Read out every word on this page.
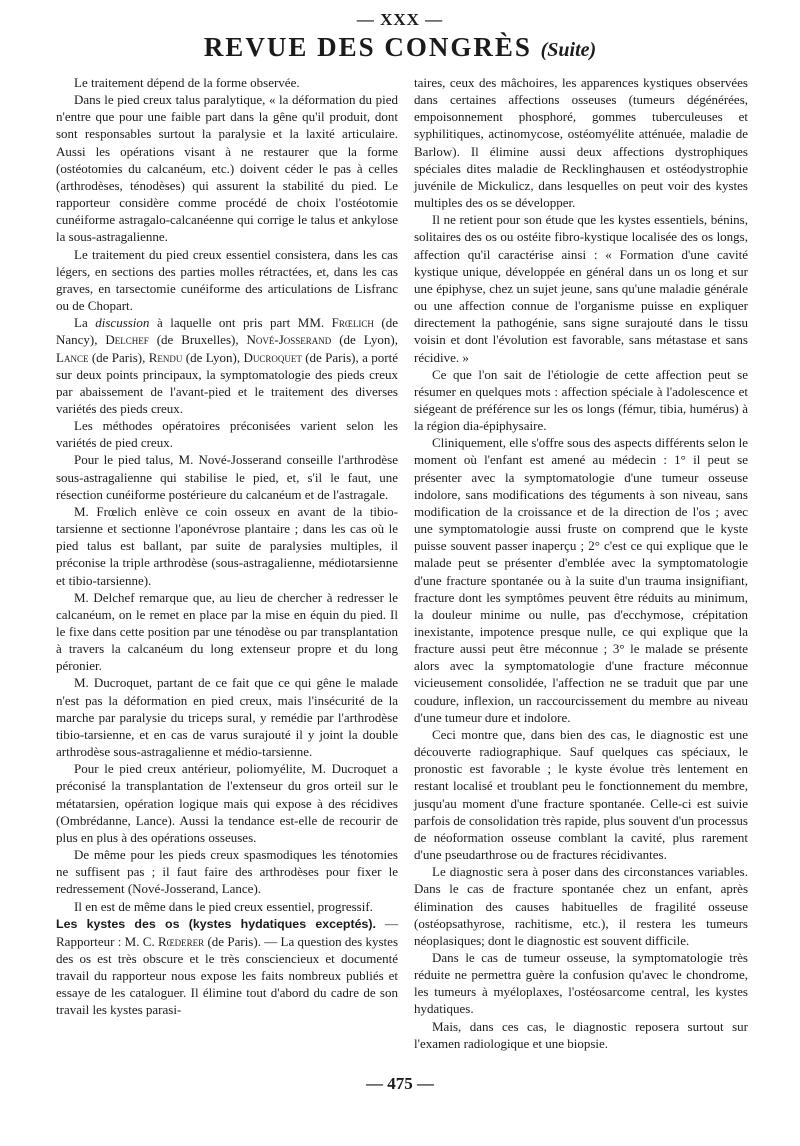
— XXX —
REVUE DES CONGRÈS (Suite)

Le traitement dépend de la forme observée.

Dans le pied creux talus paralytique, « la déformation du pied n'entre que pour une faible part dans la gêne qu'il produit, dont sont responsables surtout la paralysie et la laxité articulaire. Aussi les opérations visant à ne restaurer que la forme (ostéotomies du calcanéum, etc.) doivent céder le pas à celles (arthrodèses, ténodèses) qui assurent la stabilité du pied. Le rapporteur considère comme procédé de choix l'ostéotomie cunéiforme astragalo-calcanéenne qui corrige le talus et ankylose la sous-astragalienne.

Le traitement du pied creux essentiel consistera, dans les cas légers, en sections des parties molles rétractées, et, dans les cas graves, en tarsectomie cunéiforme des articulations de Lisfranc ou de Chopart.

La discussion à laquelle ont pris part MM. Frœlich (de Nancy), Delchef (de Bruxelles), Nové-Josserand (de Lyon), Lance (de Paris), Rendu (de Lyon), Ducroquet (de Paris), a porté sur deux points principaux, la symptomatologie des pieds creux par abaissement de l'avant-pied et le traitement des diverses variétés des pieds creux.

Les méthodes opératoires préconisées varient selon les variétés de pied creux.

Pour le pied talus, M. Nové-Josserand conseille l'arthrodèse sous-astragalienne qui stabilise le pied, et, s'il le faut, une résection cunéiforme postérieure du calcanéum et de l'astragale.

M. Frœlich enlève ce coin osseux en avant de la tibio-tarsienne et sectionne l'aponévrose plantaire ; dans les cas où le pied talus est ballant, par suite de paralysies multiples, il préconise la triple arthrodèse (sous-astragalienne, médiotarsienne et tibio-tarsienne).

M. Delchef remarque que, au lieu de chercher à redresser le calcanéum, on le remet en place par la mise en équin du pied. Il le fixe dans cette position par une ténodèse ou par transplantation à travers la calcanéum du long extenseur propre et du long péronier.

M. Ducroquet, partant de ce fait que ce qui gêne le malade n'est pas la déformation en pied creux, mais l'insécurité de la marche par paralysie du triceps sural, y remédie par l'arthrodèse tibio-tarsienne, et en cas de varus surajouté il y joint la double arthrodèse sous-astragalienne et médio-tarsienne.

Pour le pied creux antérieur, poliomyélite, M. Ducroquet a préconisé la transplantation de l'extenseur du gros orteil sur le métatarsien, opération logique mais qui expose à des récidives (Ombrédanne, Lance). Aussi la tendance est-elle de recourir de plus en plus à des opérations osseuses.

De même pour les pieds creux spasmodiques les ténotomies ne suffisent pas ; il faut faire des arthrodèses pour fixer le redressement (Nové-Josserand, Lance).

Il en est de même dans le pied creux essentiel, progressif.

Les kystes des os (kystes hydatiques exceptés). — Rapporteur : M. C. Rœderer (de Paris). — La question des kystes des os est très obscure et le très consciencieux et documenté travail du rapporteur nous expose les faits nombreux publiés et essaye de les cataloguer. Il élimine tout d'abord du cadre de son travail les kystes parasi-

taires, ceux des mâchoires, les apparences kystiques observées dans certaines affections osseuses (tumeurs dégénérées, empoisonnement phosphoré, gommes tuberculeuses et syphilitiques, actinomycose, ostéomyélite atténuée, maladie de Barlow). Il élimine aussi deux affections dystrophiques spéciales dites maladie de Recklinghausen et ostéodystrophie juvénile de Mickulicz, dans lesquelles on peut voir des kystes multiples des os se développer.

Il ne retient pour son étude que les kystes essentiels, bénins, solitaires des os ou ostéite fibro-kystique localisée des os longs, affection qu'il caractérise ainsi : « Formation d'une cavité kystique unique, développée en général dans un os long et sur une épiphyse, chez un sujet jeune, sans qu'une maladie générale ou une affection connue de l'organisme puisse en expliquer directement la pathogénie, sans signe surajouté dans le tissu voisin et dont l'évolution est favorable, sans métastase et sans récidive. »

Ce que l'on sait de l'étiologie de cette affection peut se résumer en quelques mots : affection spéciale à l'adolescence et siégeant de préférence sur les os longs (fémur, tibia, humérus) à la région dia-épiphysaire.

Cliniquement, elle s'offre sous des aspects différents selon le moment où l'enfant est amené au médecin : 1° il peut se présenter avec la symptomatologie d'une tumeur osseuse indolore, sans modifications des téguments à son niveau, sans modification de la croissance et de la direction de l'os ; avec une symptomatologie aussi fruste on comprend que le kyste puisse souvent passer inaperçu ; 2° c'est ce qui explique que le malade peut se présenter d'emblée avec la symptomatologie d'une fracture spontanée ou à la suite d'un trauma insignifiant, fracture dont les symptômes peuvent être réduits au minimum, la douleur minime ou nulle, pas d'ecchymose, crépitation inexistante, impotence presque nulle, ce qui explique que la fracture aussi peut être méconnue ; 3° le malade se présente alors avec la symptomatologie d'une fracture méconnue vicieusement consolidée, l'affection ne se traduit que par une coudure, inflexion, un raccourcissement du membre au niveau d'une tumeur dure et indolore.

Ceci montre que, dans bien des cas, le diagnostic est une découverte radiographique. Sauf quelques cas spéciaux, le pronostic est favorable ; le kyste évolue très lentement en restant localisé et troublant peu le fonctionnement du membre, jusqu'au moment d'une fracture spontanée. Celle-ci est suivie parfois de consolidation très rapide, plus souvent d'un processus de néoformation osseuse comblant la cavité, plus rarement d'une pseudarthrose ou de fractures récidivantes.

Le diagnostic sera à poser dans des circonstances variables. Dans le cas de fracture spontanée chez un enfant, après élimination des causes habituelles de fragilité osseuse (ostéopsathyrose, rachitisme, etc.), il restera les tumeurs néoplasiques; dont le diagnostic est souvent difficile.

Dans le cas de tumeur osseuse, la symptomatologie très réduite ne permettra guère la confusion qu'avec le chondrome, les tumeurs à myéloplaxes, l'ostéosarcome central, les kystes hydatiques.

Mais, dans ces cas, le diagnostic reposera surtout sur l'examen radiologique et une biopsie.

— 475 —
